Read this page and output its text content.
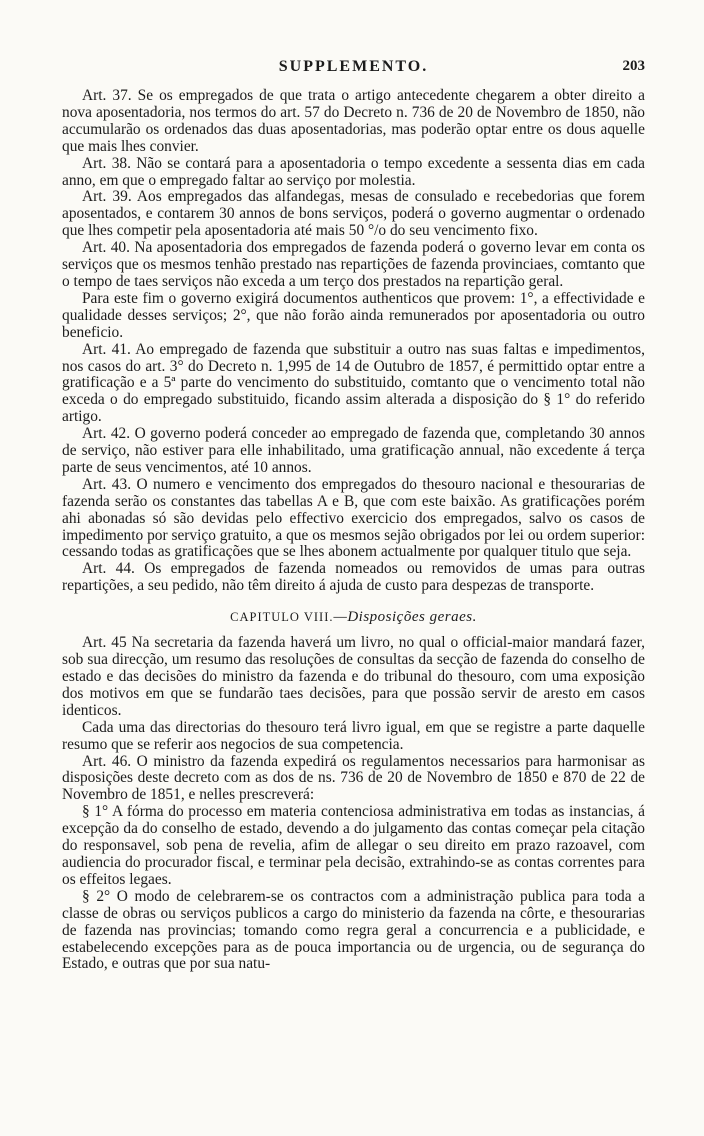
SUPPLEMENTO.	203

Art. 37. Se os empregados de que trata o artigo antecedente chegarem a obter direito a nova aposentadoria, nos termos do art. 57 do Decreto n. 736 de 20 de Novembro de 1850, não accumularão os ordenados das duas aposentadorias, mas poderão optar entre os dous aquelle que mais lhes convier.

Art. 38. Não se contará para a aposentadoria o tempo excedente a sessenta dias em cada anno, em que o empregado faltar ao serviço por molestia.

Art. 39. Aos empregados das alfandegas, mesas de consulado e recebedorias que forem aposentados, e contarem 30 annos de bons serviços, poderá o governo augmentar o ordenado que lhes competir pela aposentadoria até mais 50 °/o do seu vencimento fixo.

Art. 40. Na aposentadoria dos empregados de fazenda poderá o governo levar em conta os serviços que os mesmos tenhão prestado nas repartições de fazenda provinciaes, comtanto que o tempo de taes serviços não exceda a um terço dos prestados na repartição geral.

Para este fim o governo exigirá documentos authenticos que provem: 1°, a effectividade e qualidade desses serviços; 2°, que não forão ainda remunerados por aposentadoria ou outro beneficio.

Art. 41. Ao empregado de fazenda que substituir a outro nas suas faltas e impedimentos, nos casos do art. 3° do Decreto n. 1,995 de 14 de Outubro de 1857, é permittido optar entre a gratificação e a 5ª parte do vencimento do substituido, comtanto que o vencimento total não exceda o do empregado substituido, ficando assim alterada a disposição do § 1° do referido artigo.

Art. 42. O governo poderá conceder ao empregado de fazenda que, completando 30 annos de serviço, não estiver para elle inhabilitado, uma gratificação annual, não excedente á terça parte de seus vencimentos, até 10 annos.

Art. 43. O numero e vencimento dos empregados do thesouro nacional e thesourarias de fazenda serão os constantes das tabellas A e B, que com este baixão. As gratificações porém ahi abonadas só são devidas pelo effectivo exercicio dos empregados, salvo os casos de impedimento por serviço gratuito, a que os mesmos sejão obrigados por lei ou ordem superior: cessando todas as gratificações que se lhes abonem actualmente por qualquer titulo que seja.

Art. 44. Os empregados de fazenda nomeados ou removidos de umas para outras repartições, a seu pedido, não têm direito á ajuda de custo para despezas de transporte.

CAPITULO VIII.—Disposições geraes.

Art. 45 Na secretaria da fazenda haverá um livro, no qual o official-maior mandará fazer, sob sua direcção, um resumo das resoluções de consultas da secção de fazenda do conselho de estado e das decisões do ministro da fazenda e do tribunal do thesouro, com uma exposição dos motivos em que se fundarão taes decisões, para que possão servir de aresto em casos identicos.

Cada uma das directorias do thesouro terá livro igual, em que se registre a parte daquelle resumo que se referir aos negocios de sua competencia.

Art. 46. O ministro da fazenda expedirá os regulamentos necessarios para harmonisar as disposições deste decreto com as dos de ns. 736 de 20 de Novembro de 1850 e 870 de 22 de Novembro de 1851, e nelles prescreverá:

§ 1° A fórma do processo em materia contenciosa administrativa em todas as instancias, á excepção da do conselho de estado, devendo a do julgamento das contas começar pela citação do responsavel, sob pena de revelia, afim de allegar o seu direito em prazo razoavel, com audiencia do procurador fiscal, e terminar pela decisão, extrahindo-se as contas correntes para os effeitos legaes.

§ 2° O modo de celebrarem-se os contractos com a administração publica para toda a classe de obras ou serviços publicos a cargo do ministerio da fazenda na côrte, e thesourarias de fazenda nas provincias; tomando como regra geral a concurrencia e a publicidade, e estabelecendo excepções para as de pouca importancia ou de urgencia, ou de segurança do Estado, e outras que por sua natu-
